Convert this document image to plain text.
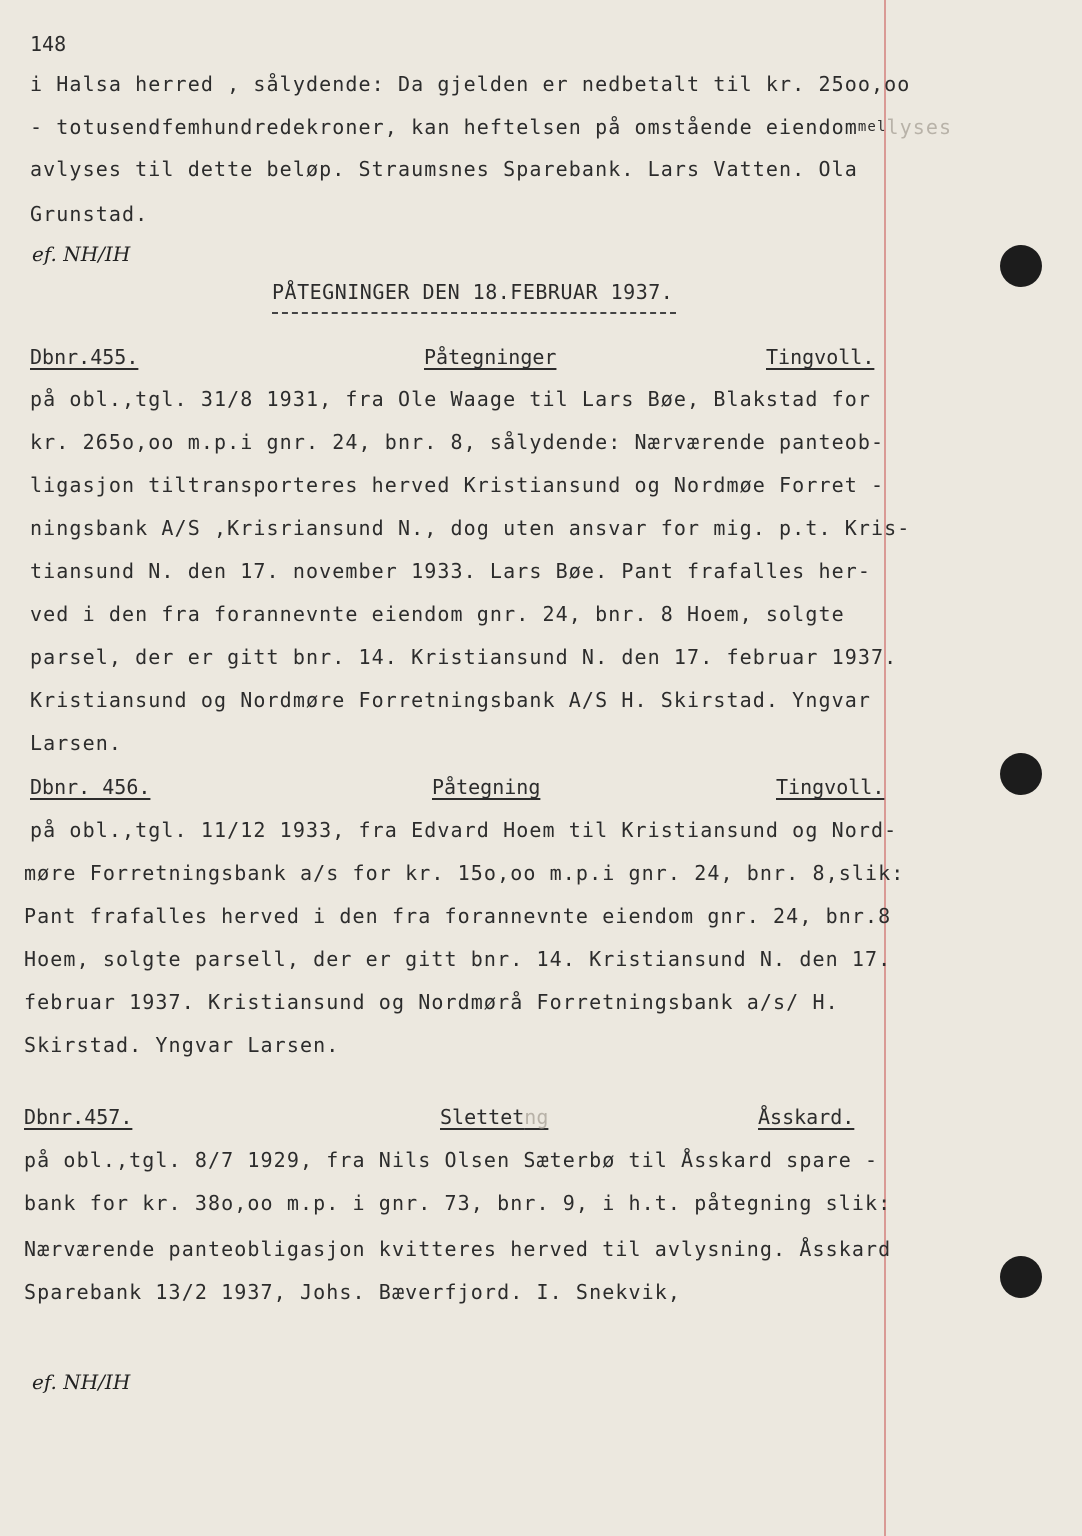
148
i Halsa herred , sålydende: Da gjelden er nedbetalt til kr. 25oo,oo
- totusendfemhundredekroner, kan heftelsen på omstående eiendom$^{mel}$lyses
avlyses til dette beløp. Straumsnes Sparebank. Lars Vatten. Ola
Grunstad.
ef. NH/IH
PÅTEGNINGER DEN 18.FEBRUAR 1937.
Dbnr.455.	Påtegninger	Tingvoll.
på obl.,tgl. 31/8 1931, fra Ole Waage til Lars Bøe, Blakstad for
kr. 265o,oo m.p.i gnr. 24, bnr. 8, sålydende: Nærværende panteob-
ligasjon tiltransporteres herved Kristiansund og Nordmøe Forret -
ningsbank A/S ,Krisriansund N., dog uten ansvar for mig. p.t. Kris-
tiansund N. den 17. november 1933. Lars Bøe. Pant frafalles her-
ved i den fra forannevnte eiendom gnr. 24, bnr. 8 Hoem, solgte
parsel, der er gitt bnr. 14. Kristiansund N. den 17. februar 1937.
Kristiansund og Nordmøre Forretningsbank A/S H. Skirstad. Yngvar
Larsen.
Dbnr. 456.	Påtegning	Tingvoll.
på obl.,tgl. 11/12 1933, fra Edvard Hoem til Kristiansund og Nord-
møre Forretningsbank a/s for kr. 15o,oo m.p.i gnr. 24, bnr. 8,slik:
Pant frafalles herved i den fra forannevnte eiendom gnr. 24, bnr.8
Hoem, solgte parsell, der er gitt bnr. 14. Kristiansund N. den 17.
februar 1937. Kristiansund og Nordmørå Forretningsbank a/s/ H.
Skirstad. Yngvar Larsen.
Dbnr.457.	Slettetng	Åsskard.
på obl.,tgl. 8/7 1929, fra Nils Olsen Sæterbø til Åsskard spare -
bank for kr. 38o,oo m.p. i gnr. 73, bnr. 9, i h.t. påtegning slik:
Nærværende panteobligasjon kvitteres herved til avlysning. Åsskard
Sparebank 13/2 1937, Johs. Bæverfjord. I. Snekvik,
ef. NH/IH
